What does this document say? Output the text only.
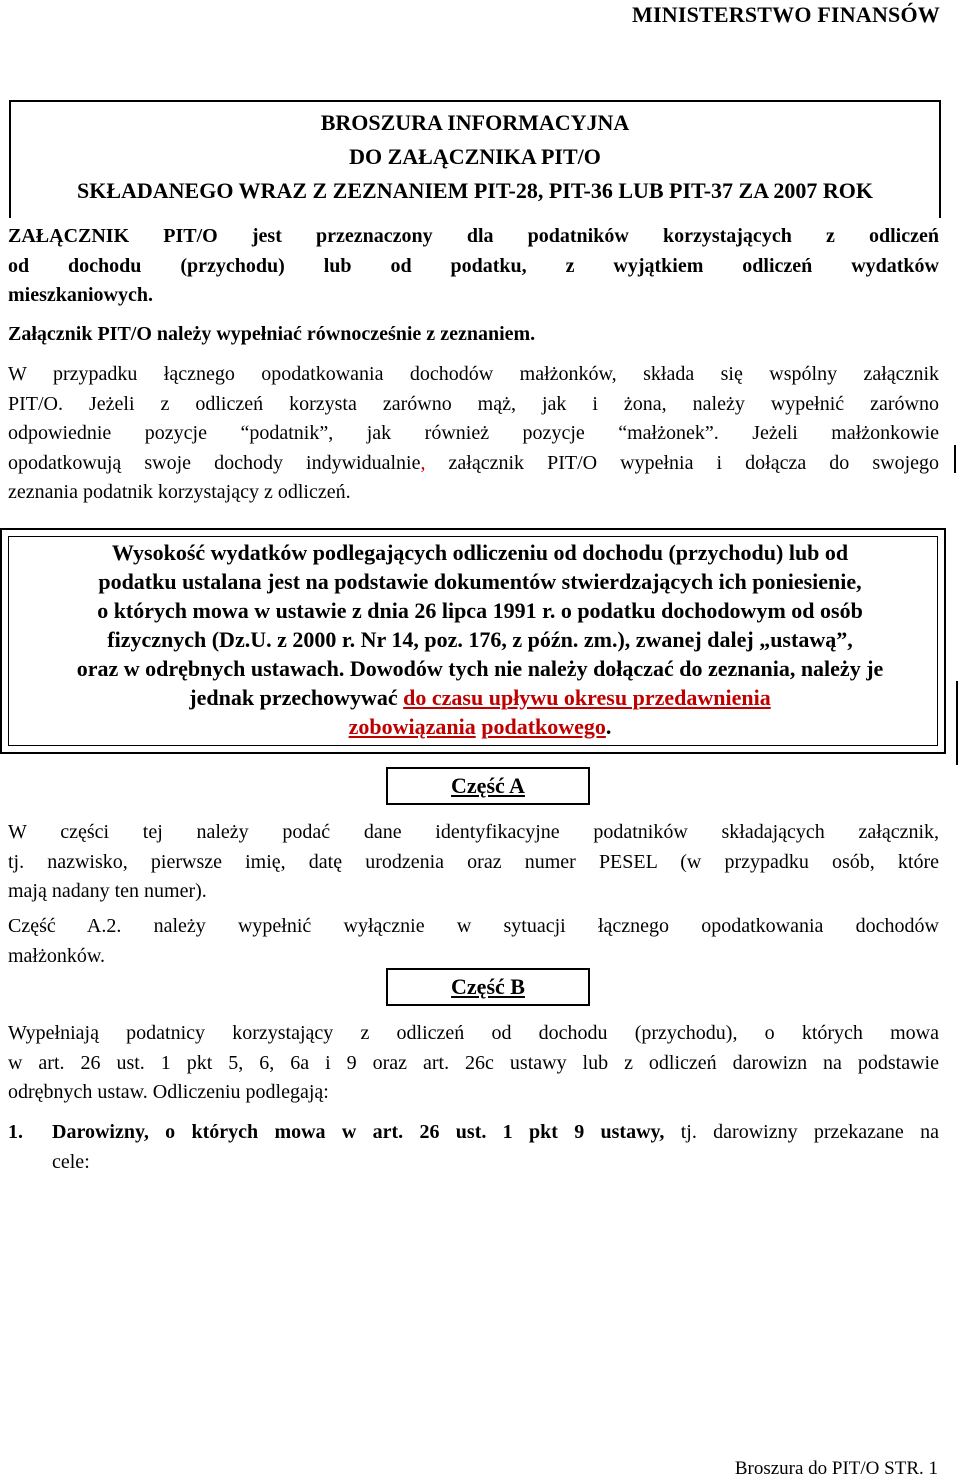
MINISTERSTWO FINANSÓW
BROSZURA INFORMACYJNA
DO ZAŁĄCZNIKA PIT/O
SKŁADANEGO WRAZ Z ZEZNANIEM PIT-28, PIT-36 LUB PIT-37 ZA 2007 ROK
ZAŁĄCZNIK PIT/O jest przeznaczony dla podatników korzystających z odliczeń
od dochodu (przychodu) lub od podatku, z wyjątkiem odliczeń wydatków
mieszkaniowych.
Załącznik PIT/O należy wypełniać równocześnie z zeznaniem.
W przypadku łącznego opodatkowania dochodów małżonków, składa się wspólny załącznik
PIT/O. Jeżeli z odliczeń korzysta zarówno mąż, jak i żona, należy wypełnić zarówno
odpowiednie pozycje “podatnik”, jak również pozycje “małżonek”. Jeżeli małżonkowie
opodatkowują swoje dochody indywidualnie, załącznik PIT/O wypełnia i dołącza do swojego
zeznania podatnik korzystający z odliczeń.
Wysokość wydatków podlegających odliczeniu od dochodu (przychodu) lub od
podatku ustalana jest na podstawie dokumentów stwierdzających ich poniesienie,
o których mowa w ustawie z dnia 26 lipca 1991 r. o podatku dochodowym od osób
fizycznych (Dz.U. z 2000 r. Nr 14, poz. 176, z późn. zm.), zwanej dalej „ustawą”,
oraz w odrębnych ustawach. Dowodów tych nie należy dołączać do zeznania, należy je
jednak przechowywać do czasu upływu okresu przedawnienia
zobowiązania podatkowego.
Część A
W części tej należy podać dane identyfikacyjne podatników składających załącznik,
tj. nazwisko, pierwsze imię, datę urodzenia oraz numer PESEL (w przypadku osób, które
mają nadany ten numer).
Część A.2. należy wypełnić wyłącznie w sytuacji łącznego opodatkowania dochodów
małżonków.
Część B
Wypełniają podatnicy korzystający z odliczeń od dochodu (przychodu), o których mowa
w art. 26 ust. 1 pkt 5, 6, 6a i 9 oraz art. 26c ustawy lub z odliczeń darowizn na podstawie
odrębnych ustaw. Odliczeniu podlegają:
1. Darowizny, o których mowa w art. 26 ust. 1 pkt 9 ustawy, tj. darowizny przekazane na
cele:
Broszura do PIT/O STR. 1
